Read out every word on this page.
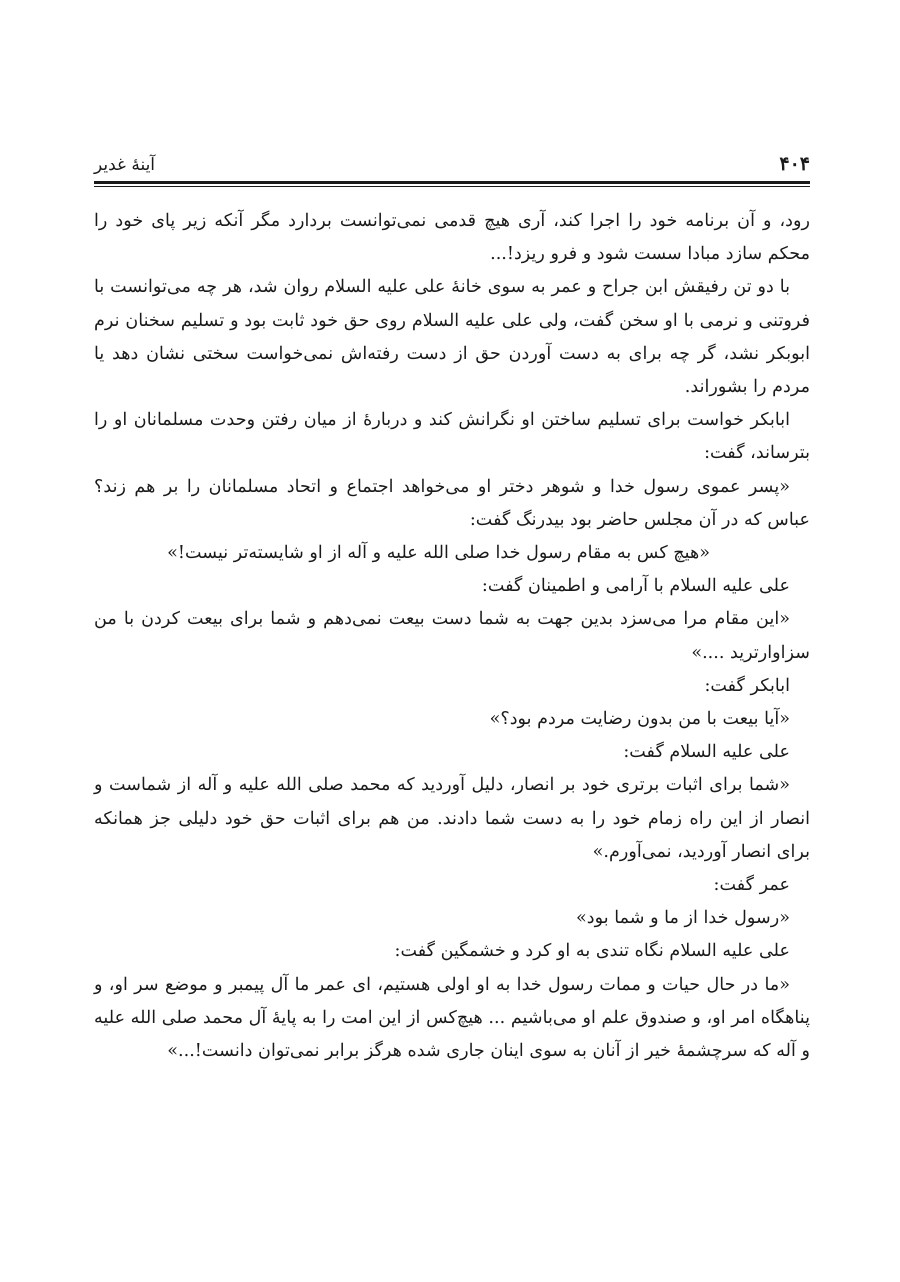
۴۰۴
آینهٔ غدیر

رود، و آن برنامه خود را اجرا کند، آری هیچ قدمی نمی‌توانست بردارد مگر آنکه زیر پای خود را محکم سازد مبادا سست شود و فرو ریزد!...

با دو تن رفیقش ابن جراح و عمر به سوی خانهٔ علی علیه السلام روان شد، هر چه می‌توانست با فروتنی و نرمی با او سخن گفت، ولی علی علیه السلام روی حق خود ثابت بود و تسلیم سخنان نرم ابوبکر نشد، گر چه برای به دست آوردن حق از دست رفته‌اش نمی‌خواست سختی نشان دهد یا مردم را بشوراند.

ابابکر خواست برای تسلیم ساختن او نگرانش کند و دربارهٔ از میان رفتن وحدت مسلمانان او را بترساند، گفت:

«پسر عموی رسول خدا و شوهر دختر او می‌خواهد اجتماع و اتحاد مسلمانان را بر هم زند؟ عباس که در آن مجلس حاضر بود بیدرنگ گفت:

«هیچ کس به مقام رسول خدا صلی الله علیه و آله از او شایسته‌تر نیست!»

علی علیه السلام با آرامی و اطمینان گفت:

«این مقام مرا می‌سزد بدین جهت به شما دست بیعت نمی‌دهم و شما برای بیعت کردن با من سزاوارترید ....»

ابابکر گفت:

«آیا بیعت با من بدون رضایت مردم بود؟»

علی علیه السلام گفت:

«شما برای اثبات برتری خود بر انصار، دلیل آوردید که محمد صلی الله علیه و آله از شماست و انصار از این راه زمام خود را به دست شما دادند. من هم برای اثبات حق خود دلیلی جز همانکه برای انصار آوردید، نمی‌آورم.»

عمر گفت:

«رسول خدا از ما و شما بود»

علی علیه السلام نگاه تندی به او کرد و خشمگین گفت:

«ما در حال حیات و ممات رسول خدا به او اولی هستیم، ای عمر ما آل پیمبر و موضع سر او، و پناهگاه امر او، و صندوق علم او می‌باشیم ... هیچ‌کس از این امت را به پایهٔ آل محمد صلی الله علیه و آله که سرچشمهٔ خیر از آنان به سوی اینان جاری شده هرگز برابر نمی‌توان دانست!...»
